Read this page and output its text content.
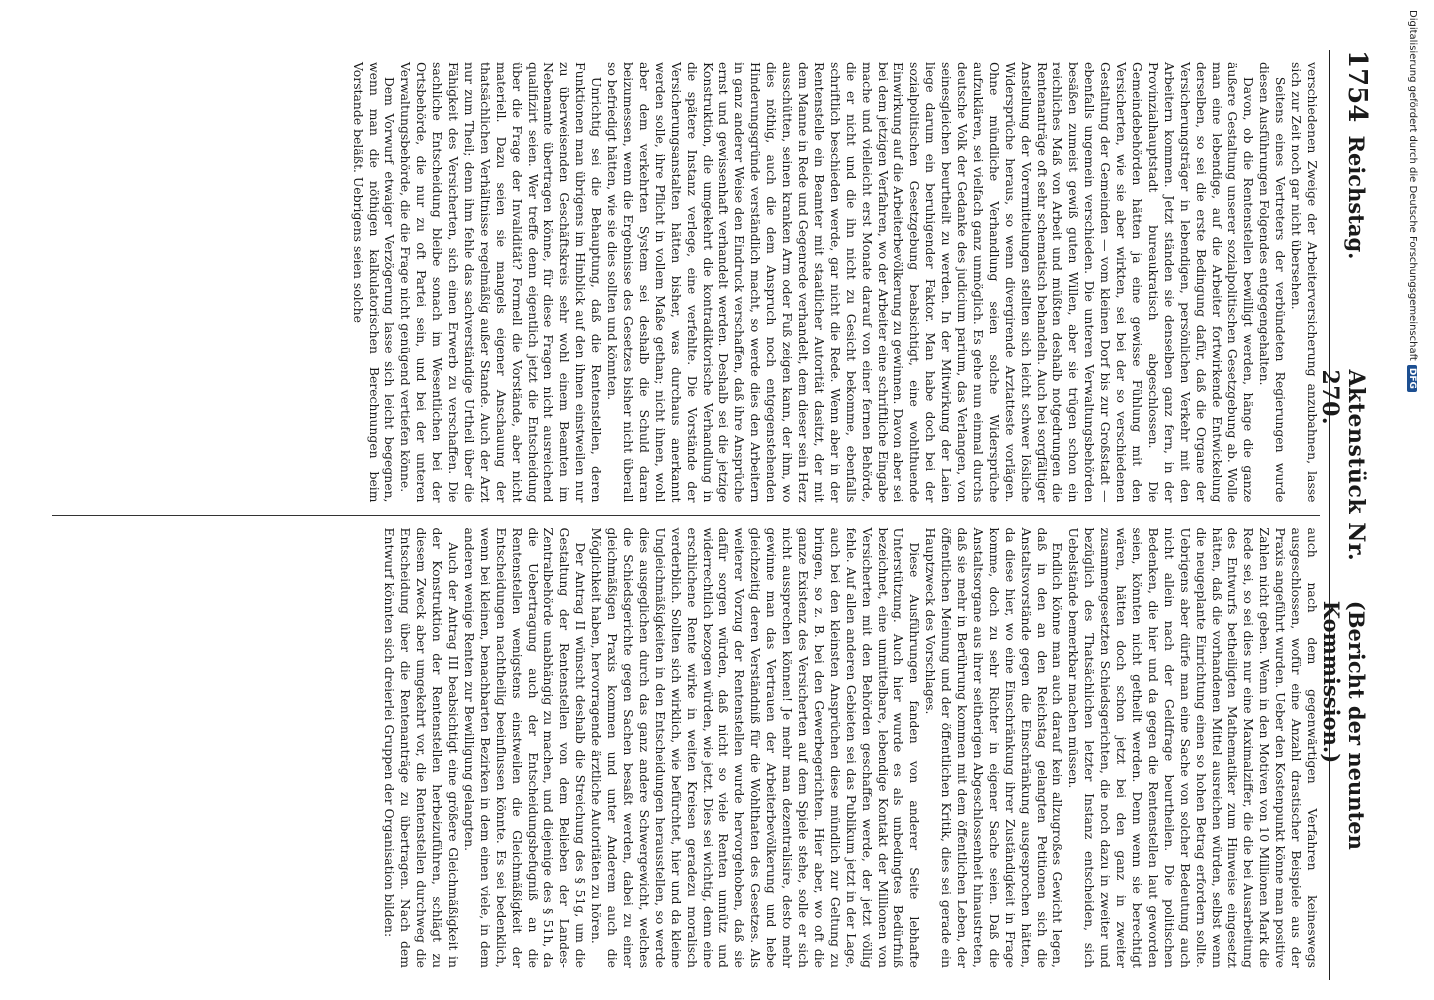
1754
Reichstag.
Aktenstück Nr. 270.
(Bericht der neunten Kommission.)

verschiedenen Zweige der Arbeiterversicherung anzubahnen, lasse sich zur Zeit noch gar nicht übersehen.

Seitens eines Vertreters der verbündeten Regierungen wurde diesen Ausführungen Folgendes entgegengehalten.

Davon, ob die Rentenstellen bewilligt werden, hänge die ganze äußere Gestaltung unserer sozialpolitischen Gesetzgebung ab. Wolle man eine lebendige, auf die Arbeiter fortwirkende Entwickelung derselben, so sei die erste Bedingung dafür, daß die Organe der Versicherungsträger in lebendigen, persönlichen Verkehr mit den Arbeitern kommen. Jetzt ständen sie denselben ganz fern, in der Provinzialhauptstadt bureaukratisch abgeschlossen. Die Gemeindebehörden hätten ja eine gewisse Fühlung mit den Versicherten, wie sie aber wirkten, sei bei der so verschiedenen Gestaltung der Gemeinden — vom kleinen Dorf bis zur Großstadt — ebenfalls ungemein verschieden. Die unteren Verwaltungsbehörden besäßen zumeist gewiß guten Willen, aber sie trügen schon ein reichliches Maß von Arbeit und müßten deshalb notgedrungen die Rentenanträge oft sehr schematisch behandeln. Auch bei sorgfältiger Anstellung der Vorermittelungen stellten sich leicht schwer lösliche Widersprüche heraus, so wenn divergirende Arztatteste vorlägen. Ohne mündliche Verhandlung seien solche Widersprüche aufzuklären, sei vielfach ganz unmöglich. Es gehe nun einmal durchs deutsche Volk der Gedanke des judicium parium, das Verlangen, von seinesgleichen beurtheilt zu werden. In der Mitwirkung der Laien liege darum ein beruhigender Faktor. Man habe doch bei der sozialpolitischen Gesetzgebung beabsichtigt, eine wohlthuende Einwirkung auf die Arbeiterbevölkerung zu gewinnen. Davon aber sei bei dem jetzigen Verfahren, wo der Arbeiter eine schriftliche Eingabe mache und vielleicht erst Monate darauf von einer fernen Behörde, die er nicht und die ihn nicht zu Gesicht bekomme, ebenfalls schriftlich beschieden werde, gar nicht die Rede. Wenn aber in der Rentenstelle ein Beamter mit staatlicher Autorität dasitzt, der mit dem Manne in Rede und Gegenrede verhandelt, dem dieser sein Herz ausschütten, seinen kranken Arm oder Fuß zeigen kann, der ihm, wo dies nöthig, auch die dem Anspruch noch entgegenstehenden Hinderungsgründe verständlich macht, so werde dies den Arbeitern in ganz anderer Weise den Eindruck verschaffen, daß ihre Ansprüche ernst und gewissenhaft verhandelt werden. Deshalb sei die jetzige Konstruktion, die umgekehrt die kontradiktorische Verhandlung in die spätere Instanz verlege, eine verfehlte. Die Vorstände der Versicherungsanstalten hätten bisher, was durchaus anerkannt werden solle, ihre Pflicht in vollem Maße gethan; nicht ihnen, wohl aber dem verkehrten System sei deshalb die Schuld daran beizumessen, wenn die Ergebnisse des Gesetzes bisher nicht überall so befriedigt hätten, wie sie dies sollten und könnten.

Unrichtig sei die Behauptung, daß die Rentenstellen, deren Funktionen man übrigens im Hinblick auf den ihnen einstweilen nur zu überweisenden Geschäftskreis sehr wohl einem Beamten im Nebenamte übertragen könne, für diese Fragen nicht ausreichend qualifizirt seien. Wer treffe denn eigentlich jetzt die Entscheidung über die Frage der Invalidität? Formell die Vorstände, aber nicht materiell. Dazu seien sie mangels eigener Anschauung der thatsächlichen Verhältnisse regelmäßig außer Stande. Auch der Arzt nur zum Theil; denn ihm fehle das sachverständige Urtheil über die Fähigkeit des Versicherten, sich einen Erwerb zu verschaffen. Die sachliche Entscheidung bleibe sonach im Wesentlichen bei der Ortsbehörde, die nur zu oft Partei sein, und bei der unteren Verwaltungsbehörde, die die Frage nicht genügend vertiefen könne.

Dem Vorwurf etwaiger Verzögerung lasse sich leicht begegnen, wenn man die nöthigen kalkulatorischen Berechnungen beim Vorstande beläßt. Uebrigens seien solche

auch nach dem gegenwärtigen Verfahren keineswegs ausgeschlossen, wofür eine Anzahl drastischer Beispiele aus der Praxis angeführt wurden. Ueber den Kostenpunkt könne man positive Zahlen nicht geben. Wenn in den Motiven von 10 Millionen Mark die Rede sei, so sei dies nur eine Maximalziffer, die die bei Ausarbeitung des Entwurfs betheiligten Mathematiker zum Hinweise eingesetzt hätten, daß die vorhandenen Mittel ausreichen würden, selbst wenn die neugeplante Einrichtung einen so hohen Betrag erfordern sollte. Uebrigens aber dürfe man eine Sache von solcher Bedeutung auch nicht allein nach der Geldfrage beurtheilen. Die politischen Bedenken, die hier und da gegen die Rentenstellen laut geworden seien, könnten nicht getheilt werden. Denn wenn sie berechtigt wären, hätten doch schon jetzt bei den ganz in zweiter zusammengesetzten Schiedsgerichten, die noch dazu in zweiter und bezüglich des Thatsächlichen letzter Instanz entscheiden, sich Uebelstände bemerkbar machen müssen.

Endlich könne man auch darauf kein allzugroßes Gewicht legen, daß in den an den Reichstag gelangten Petitionen sich die Anstaltsvorstände gegen die Einschränkung ausgesprochen hätten, da diese hier, wo eine Einschränkung ihrer Zuständigkeit in Frage komme, doch zu sehr Richter in eigener Sache seien. Daß die Anstaltsorgane aus ihrer seitherigen Abgeschlossenheit hinaustreten, daß sie mehr in Berührung kommen mit dem öffentlichen Leben, der öffentlichen Meinung und der öffentlichen Kritik, dies sei gerade ein Hauptzweck des Vorschlages.

Diese Ausführungen fanden von anderer Seite lebhafte Unterstützung. Auch hier wurde es als unbedingtes Bedürfniß bezeichnet, eine unmittelbare, lebendige Kontakt der Millionen von Versicherten mit den Behörden geschaffen werde, der jetzt völlig fehle. Auf allen anderen Gebieten sei das Publikum jetzt in der Lage, auch bei den kleinsten Ansprüchen diese mündlich zur Geltung zu bringen, so z. B. bei den Gewerbegerichten. Hier aber, wo oft die ganze Existenz des Versicherten auf dem Spiele stehe, solle er sich nicht aussprechen können! Je mehr man dezentralisire, desto mehr gewinne man das Vertrauen der Arbeiterbevölkerung und hebe gleichzeitig deren Verständniß für die Wohlthaten des Gesetzes. Als weiterer Vorzug der Rentenstellen wurde hervorgehoben, daß sie dafür sorgen würden, daß nicht so viele Renten unnütz und widerrechtlich bezogen würden, wie jetzt. Dies sei wichtig, denn eine erschlichene Rente wirke in weiten Kreisen geradezu moralisch verderblich. Sollten sich wirklich, wie befürchtet, hier und da kleine Ungleichmäßigkeiten in den Entscheidungen herausstellen, so werde dies ausgeglichen durch das ganz andere Schwergewicht, welches die Schiedsgerichte gegen Sachen besaßt werden, dabei zu einer gleichmäßigen Praxis kommen und unter Anderem auch die Möglichkeit haben, hervorragende ärztliche Autoritäten zu hören.

Der Antrag II wünscht deshalb die Streichung des § 51g, um die Gestaltung der Rentenstellen von dem Belieben der Landes-Zentralbehörde unabhängig zu machen, und diejenige des § 51h, da die Uebertragung auch der Entscheidungsbefugniß an die Rentenstellen wenigstens einstweilen die Gleichmäßigkeit der Entscheidungen nachtheilig beeinflussen könnte. Es sei bedenklich, wenn bei kleinen, benachbarten Bezirken in dem einen viele, in dem anderen wenige Renten zur Bewilligung gelangten.

Auch der Antrag III beabsichtigt eine größere Gleichmäßigkeit in der Konstruktion der Rentenstellen herbeizuführen, schlägt zu diesem Zweck aber umgekehrt vor, die Rentenstellen durchweg die Entscheidung über die Rentenanträge zu übertragen. Nach dem Entwurf könnten sich dreierlei Gruppen der Organisation bilden:

Digitalisierung gefördert durch die Deutsche Forschungsgemeinschaft
DFG
